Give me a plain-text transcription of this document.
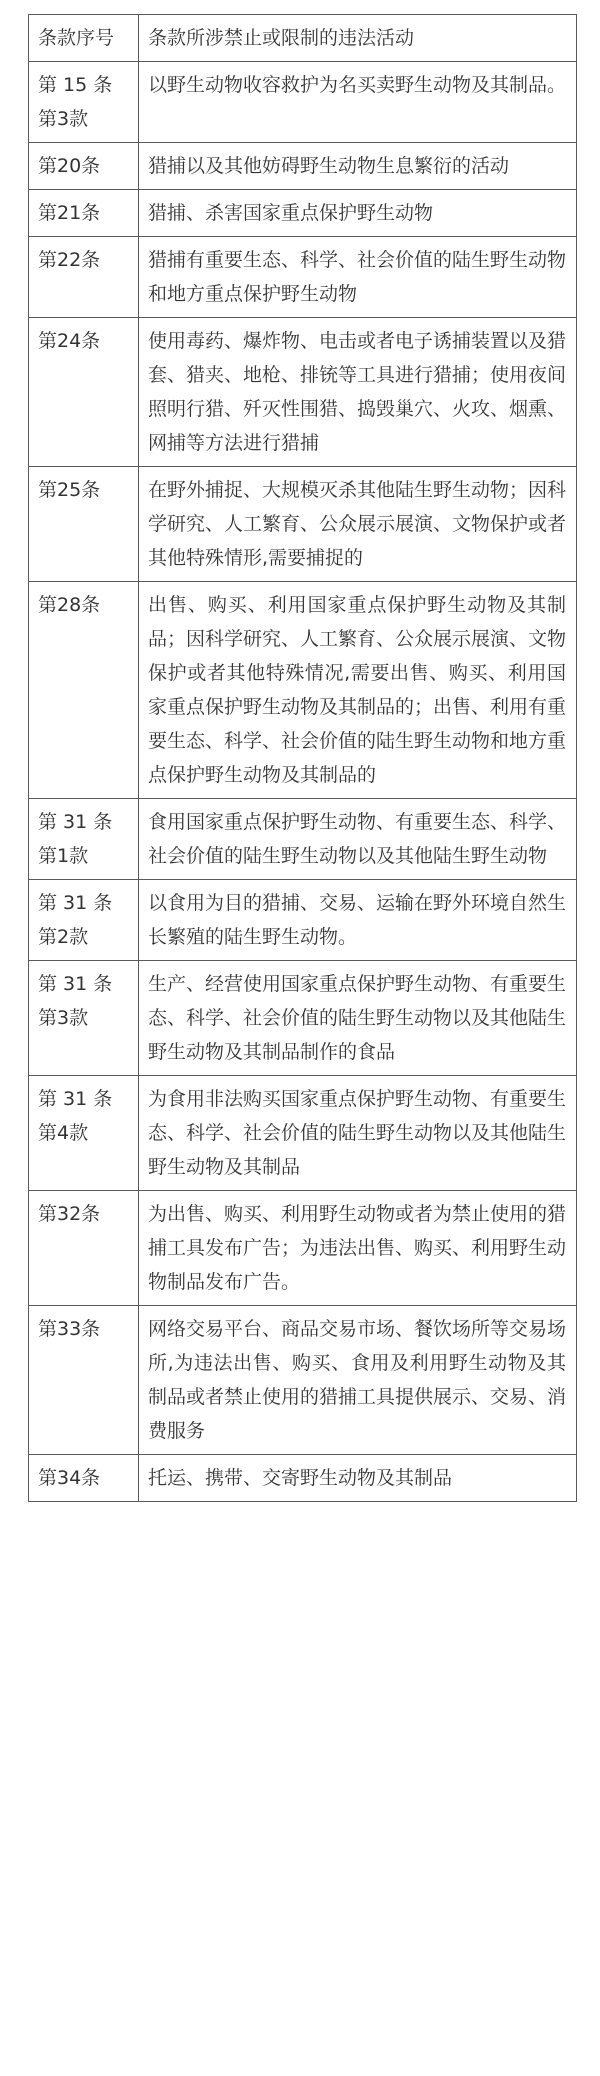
条款序号	条款所涉禁止或限制的违法活动
第 15 条第3款	以野生动物收容救护为名买卖野生动物及其制品。
第20条	猎捕以及其他妨碍野生动物生息繁衍的活动
第21条	猎捕、杀害国家重点保护野生动物
第22条	猎捕有重要生态、科学、社会价值的陆生野生动物和地方重点保护野生动物
第24条	使用毒药、爆炸物、电击或者电子诱捕装置以及猎套、猎夹、地枪、排铳等工具进行猎捕；使用夜间照明行猎、歼灭性围猎、捣毁巢穴、火攻、烟熏、网捕等方法进行猎捕
第25条	在野外捕捉、大规模灭杀其他陆生野生动物；因科学研究、人工繁育、公众展示展演、文物保护或者其他特殊情形,需要捕捉的
第28条	出售、购买、利用国家重点保护野生动物及其制品；因科学研究、人工繁育、公众展示展演、文物保护或者其他特殊情况,需要出售、购买、利用国家重点保护野生动物及其制品的；出售、利用有重要生态、科学、社会价值的陆生野生动物和地方重点保护野生动物及其制品的
第 31 条第1款	食用国家重点保护野生动物、有重要生态、科学、社会价值的陆生野生动物以及其他陆生野生动物
第 31 条第2款	以食用为目的猎捕、交易、运输在野外环境自然生长繁殖的陆生野生动物。
第 31 条第3款	生产、经营使用国家重点保护野生动物、有重要生态、科学、社会价值的陆生野生动物以及其他陆生野生动物及其制品制作的食品
第 31 条第4款	为食用非法购买国家重点保护野生动物、有重要生态、科学、社会价值的陆生野生动物以及其他陆生野生动物及其制品
第32条	为出售、购买、利用野生动物或者为禁止使用的猎捕工具发布广告；为违法出售、购买、利用野生动物制品发布广告。
第33条	网络交易平台、商品交易市场、餐饮场所等交易场所,为违法出售、购买、食用及利用野生动物及其制品或者禁止使用的猎捕工具提供展示、交易、消费服务
第34条	托运、携带、交寄野生动物及其制品
